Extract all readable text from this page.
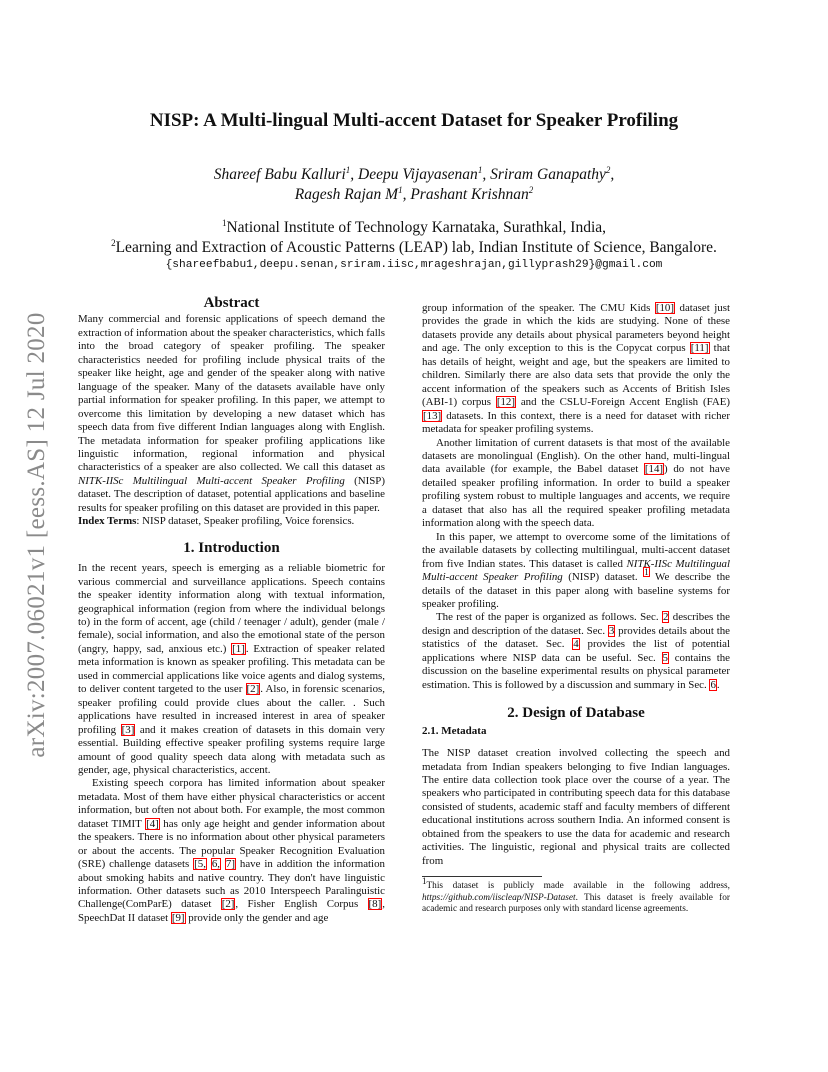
arXiv:2007.06021v1 [eess.AS] 12 Jul 2020
NISP: A Multi-lingual Multi-accent Dataset for Speaker Profiling
Shareef Babu Kalluri$^1$, Deepu Vijayasenan$^1$, Sriram Ganapathy$^2$,
Ragesh Rajan $M^1$, Prashant Krishnan$^2$
$^1$National Institute of Technology Karnataka, Surathkal, India,
$^2$Learning and Extraction of Acoustic Patterns (LEAP) lab, Indian Institute of Science, Bangalore.
{shareefbabu1,deepu.senan,sriram.iisc,mrageshrajan,gillyprash29}@gmail.com
Abstract

Many commercial and forensic applications of speech demand the extraction of information about the speaker characteristics, which falls into the broad category of speaker profiling. The speaker characteristics needed for profiling include physical traits of the speaker like height, age and gender of the speaker along with native language of the speaker. Many of the datasets available have only partial information for speaker profiling. In this paper, we attempt to overcome this limitation by developing a new dataset which has speech data from five different Indian languages along with English. The metadata information for speaker profiling applications like linguistic information, regional information and physical characteristics of a speaker are also collected. We call this dataset as NITK-IISc Multilingual Multi-accent Speaker Profiling (NISP) dataset. The description of dataset, potential applications and baseline results for speaker profiling on this dataset are provided in this paper.

Index Terms: NISP dataset, Speaker profiling, Voice forensics.

1. Introduction

In the recent years, speech is emerging as a reliable biometric for various commercial and surveillance applications. Speech contains the speaker identity information along with textual information, geographical information (region from where the individual belongs to) in the form of accent, age (child / teenager / adult), gender (male / female), social information, and also the emotional state of the person (angry, happy, sad, anxious etc.) [1]. Extraction of speaker related meta information is known as speaker profiling. This metadata can be used in commercial applications like voice agents and dialog systems, to deliver content targeted to the user [2]. Also, in forensic scenarios, speaker profiling could provide clues about the caller. . Such applications have resulted in increased interest in area of speaker profiling [3] and it makes creation of datasets in this domain very essential. Building effective speaker profiling systems require large amount of good quality speech data along with metadata such as gender, age, physical characteristics, accent.

Existing speech corpora has limited information about speaker metadata. Most of them have either physical characteristics or accent information, but often not about both. For example, the most common dataset TIMIT [4] has only age height and gender information about the speakers. There is no information about other physical parameters or about the accents. The popular Speaker Recognition Evaluation (SRE) challenge datasets [5, 6, 7] have in addition the information about smoking habits and native country. They don't have linguistic information. Other datasets such as 2010 Interspeech Paralinguistic Challenge(ComParE) dataset [2], Fisher English Corpus [8], SpeechDat II dataset [9] provide only the gender and age

group information of the speaker. The CMU Kids [10] dataset just provides the grade in which the kids are studying. None of these datasets provide any details about physical parameters beyond height and age. The only exception to this is the Copycat corpus [11] that has details of height, weight and age, but the speakers are limited to children. Similarly there are also data sets that provide the only the accent information of the speakers such as Accents of British Isles (ABI-1) corpus [12] and the CSLU-Foreign Accent English (FAE) [13] datasets. In this context, there is a need for dataset with richer metadata for speaker profiling systems.

Another limitation of current datasets is that most of the available datasets are monolingual (English). On the other hand, multi-lingual data available (for example, the Babel dataset [14]) do not have detailed speaker profiling information. In order to build a speaker profiling system robust to multiple languages and accents, we require a dataset that also has all the required speaker profiling metadata information along with the speech data.

In this paper, we attempt to overcome some of the limitations of the available datasets by collecting multilingual, multi-accent dataset from five Indian states. This dataset is called NITK-IISc Multilingual Multi-accent Speaker Profiling (NISP) dataset. $^1$ We describe the details of the dataset in this paper along with baseline systems for speaker profiling.

The rest of the paper is organized as follows. Sec. 2 describes the design and description of the dataset. Sec. 3 provides details about the statistics of the dataset. Sec. 4 provides the list of potential applications where NISP data can be useful. Sec. 5 contains the discussion on the baseline experimental results on physical parameter estimation. This is followed by a discussion and summary in Sec. 6.

2. Design of Database
2.1. Metadata

The NISP dataset creation involved collecting the speech and metadata from Indian speakers belonging to five Indian languages. The entire data collection took place over the course of a year. The speakers who participated in contributing speech data for this database consisted of students, academic staff and faculty members of different educational institutions across southern India. An informed consent is obtained from the speakers to use the data for academic and research activities. The linguistic, regional and physical traits are collected from

$^1$This dataset is publicly made available in the following address, https://github.com/iiscleap/NISP-Dataset. This dataset is freely available for academic and research purposes only with standard license agreements.
